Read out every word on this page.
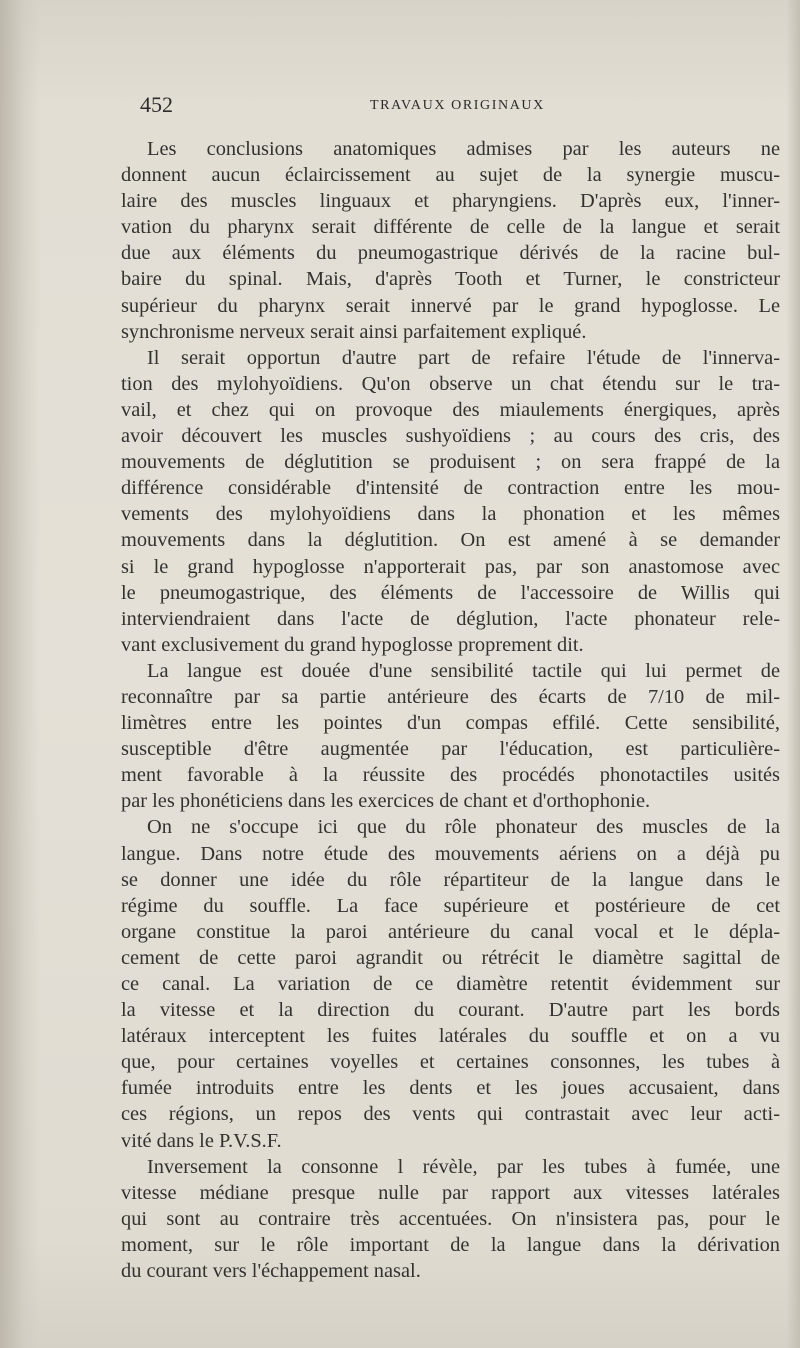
452	TRAVAUX ORIGINAUX
Les conclusions anatomiques admises par les auteurs ne
donnent aucun éclaircissement au sujet de la synergie muscu-
laire des muscles linguaux et pharyngiens. D'après eux, l'inner-
vation du pharynx serait différente de celle de la langue et serait
due aux éléments du pneumogastrique dérivés de la racine bul-
baire du spinal. Mais, d'après Tooth et Turner, le constricteur
supérieur du pharynx serait innervé par le grand hypoglosse. Le
synchronisme nerveux serait ainsi parfaitement expliqué.
Il serait opportun d'autre part de refaire l'étude de l'innerva-
tion des mylohyoïdiens. Qu'on observe un chat étendu sur le tra-
vail, et chez qui on provoque des miaulements énergiques, après
avoir découvert les muscles sushyoïdiens ; au cours des cris, des
mouvements de déglutition se produisent ; on sera frappé de la
différence considérable d'intensité de contraction entre les mou-
vements des mylohyoïdiens dans la phonation et les mêmes
mouvements dans la déglutition. On est amené à se demander
si le grand hypoglosse n'apporterait pas, par son anastomose avec
le pneumogastrique, des éléments de l'accessoire de Willis qui
interviendraient dans l'acte de déglution, l'acte phonateur rele-
vant exclusivement du grand hypoglosse proprement dit.
La langue est douée d'une sensibilité tactile qui lui permet de
reconnaître par sa partie antérieure des écarts de 7/10 de mil-
limètres entre les pointes d'un compas effilé. Cette sensibilité,
susceptible d'être augmentée par l'éducation, est particulière-
ment favorable à la réussite des procédés phonotactiles usités
par les phonéticiens dans les exercices de chant et d'orthophonie.
On ne s'occupe ici que du rôle phonateur des muscles de la
langue. Dans notre étude des mouvements aériens on a déjà pu
se donner une idée du rôle répartiteur de la langue dans le
régime du souffle. La face supérieure et postérieure de cet
organe constitue la paroi antérieure du canal vocal et le dépla-
cement de cette paroi agrandit ou rétrécit le diamètre sagittal de
ce canal. La variation de ce diamètre retentit évidemment sur
la vitesse et la direction du courant. D'autre part les bords
latéraux interceptent les fuites latérales du souffle et on a vu
que, pour certaines voyelles et certaines consonnes, les tubes à
fumée introduits entre les dents et les joues accusaient, dans
ces régions, un repos des vents qui contrastait avec leur acti-
vité dans le P.V.S.F.
Inversement la consonne l révèle, par les tubes à fumée, une
vitesse médiane presque nulle par rapport aux vitesses latérales
qui sont au contraire très accentuées. On n'insistera pas, pour le
moment, sur le rôle important de la langue dans la dérivation
du courant vers l'échappement nasal.
